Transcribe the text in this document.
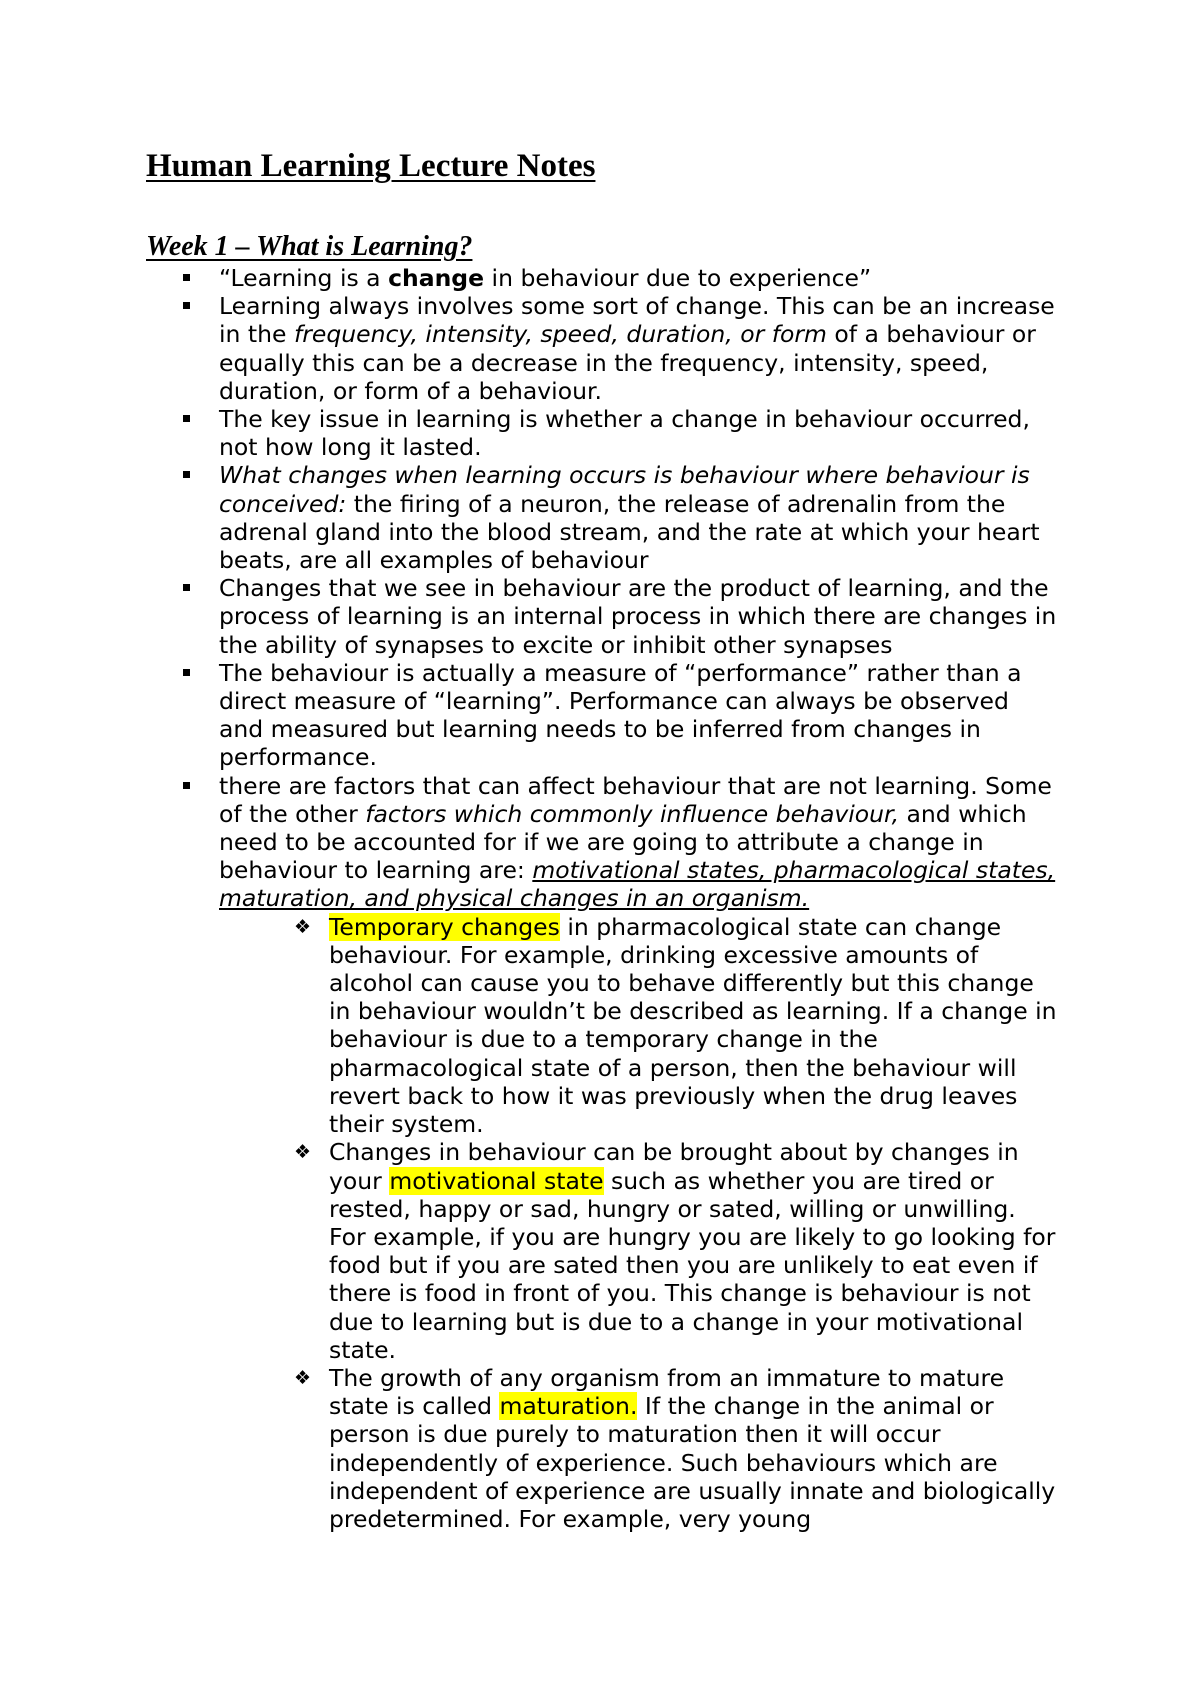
Human Learning Lecture Notes
Week 1 – What is Learning?
“Learning is a change in behaviour due to experience”
Learning always involves some sort of change. This can be an increase in the frequency, intensity, speed, duration, or form of a behaviour or equally this can be a decrease in the frequency, intensity, speed, duration, or form of a behaviour.
The key issue in learning is whether a change in behaviour occurred, not how long it lasted.
What changes when learning occurs is behaviour where behaviour is conceived: the firing of a neuron, the release of adrenalin from the adrenal gland into the blood stream, and the rate at which your heart beats, are all examples of behaviour
Changes that we see in behaviour are the product of learning, and the process of learning is an internal process in which there are changes in the ability of synapses to excite or inhibit other synapses
The behaviour is actually a measure of “performance” rather than a direct measure of “learning”. Performance can always be observed and measured but learning needs to be inferred from changes in performance.
there are factors that can affect behaviour that are not learning. Some of the other factors which commonly influence behaviour, and which need to be accounted for if we are going to attribute a change in behaviour to learning are: motivational states, pharmacological states, maturation, and physical changes in an organism.
❖ Temporary changes in pharmacological state can change behaviour. For example, drinking excessive amounts of alcohol can cause you to behave differently but this change in behaviour wouldn’t be described as learning. If a change in behaviour is due to a temporary change in the pharmacological state of a person, then the behaviour will revert back to how it was previously when the drug leaves their system.
❖ Changes in behaviour can be brought about by changes in your motivational state such as whether you are tired or rested, happy or sad, hungry or sated, willing or unwilling. For example, if you are hungry you are likely to go looking for food but if you are sated then you are unlikely to eat even if there is food in front of you. This change is behaviour is not due to learning but is due to a change in your motivational state.
❖ The growth of any organism from an immature to mature state is called maturation. If the change in the animal or person is due purely to maturation then it will occur independently of experience. Such behaviours which are independent of experience are usually innate and biologically predetermined. For example, very young
